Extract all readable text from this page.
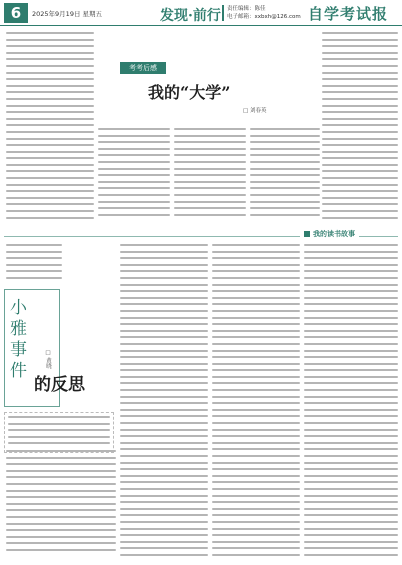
6	2025年9月19日 星期五	发现·前行 责任编辑：陈佳
电子邮箱：xxbxh@126.com 自学考试报
考考后感
我的“大学”
□ 刘春英
我的读书故事
小雅事件
的反思
□ 黄晓
